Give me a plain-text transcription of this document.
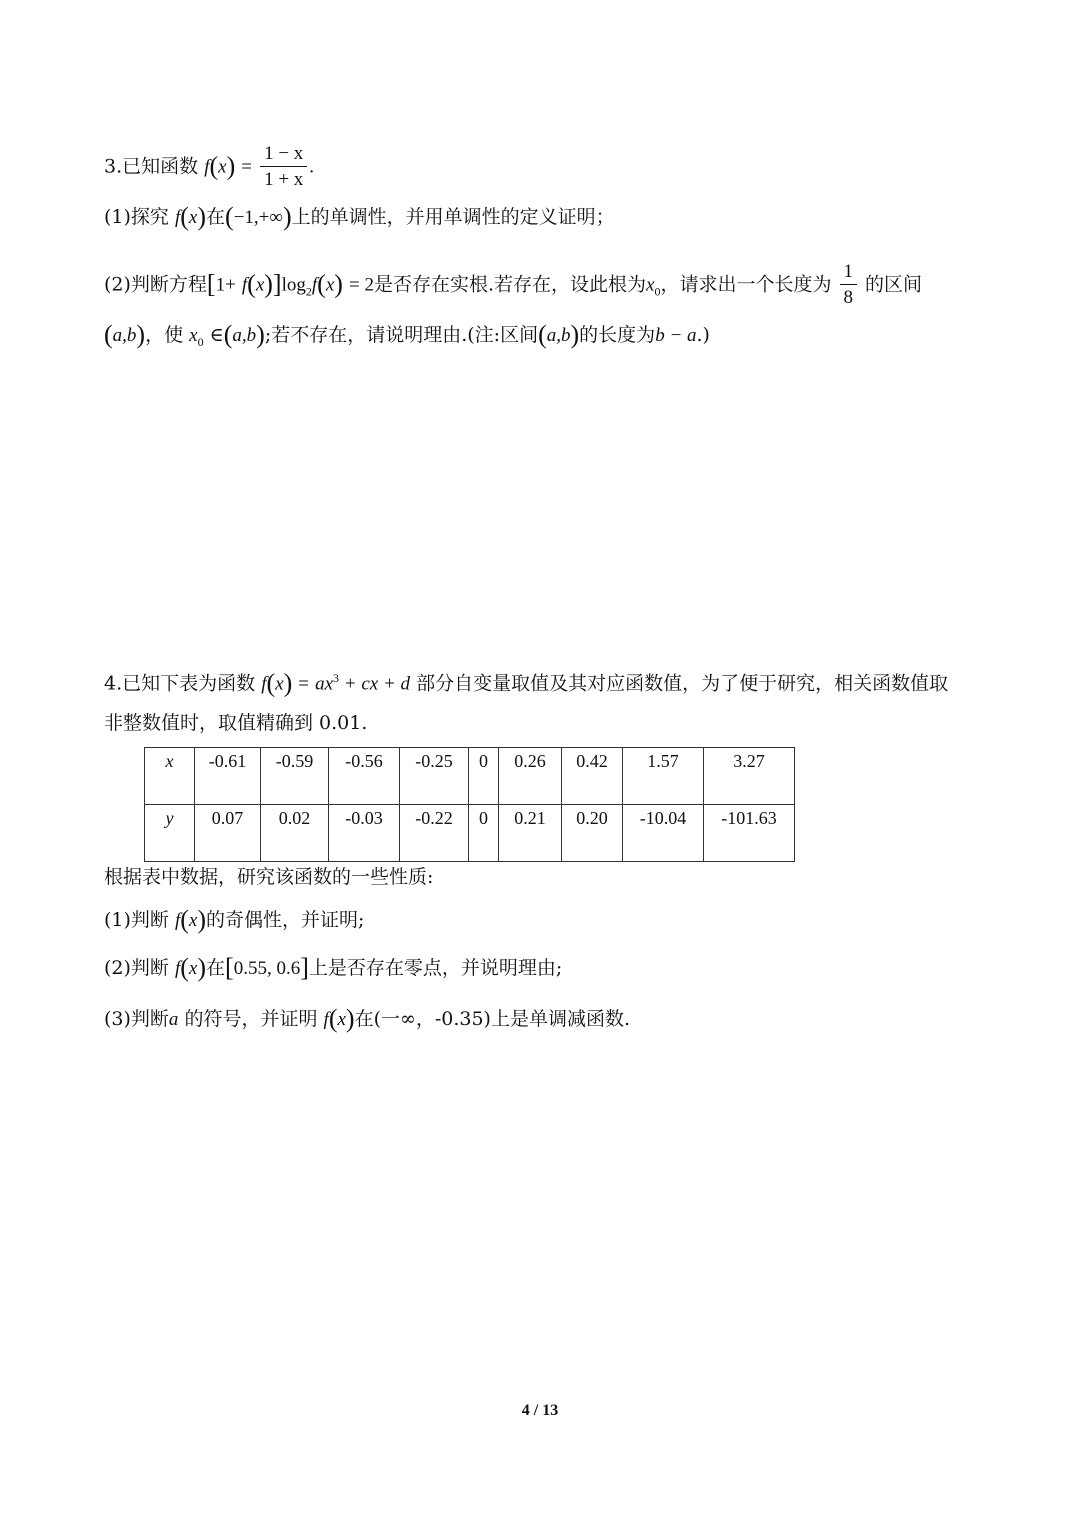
3.已知函数 $f(x) = \frac{1 - x}{1 + x}$ .
(1)探究 f(x)在(−1,+∞)上的单调性，并用单调性的定义证明；
(2)判断方程$[1+ f(x)]\log_2f(x) = 2$是否存在实根.若存在，设此根为$x_0$，请求出一个长度为 $\frac{1}{8}$ 的区间
(a,b)，使 $x_0$ ∈(a,b);若不存在，请说明理由.(注:区间(a,b)的长度为b − a.)
4.已知下表为函数 $f(x) = ax^3$ + cx + d 部分自变量取值及其对应函数值，为了便于研究，相关函数值取
非整数值时，取值精确到 0.01.
x	-0.61	-0.59	-0.56	-0.25	0	0.26	0.42	1.57	3.27
y	0.07	0.02	-0.03	-0.22	0	0.21	0.20	-10.04	-101.63
根据表中数据，研究该函数的一些性质:
(1)判断 f(x)的奇偶性，并证明;
(2)判断 f(x)在[0.55, 0.6]上是否存在零点，并说明理由;
(3)判断a 的符号，并证明 f(x)在(一∞，-0.35)上是单调减函数.
4 / 13
